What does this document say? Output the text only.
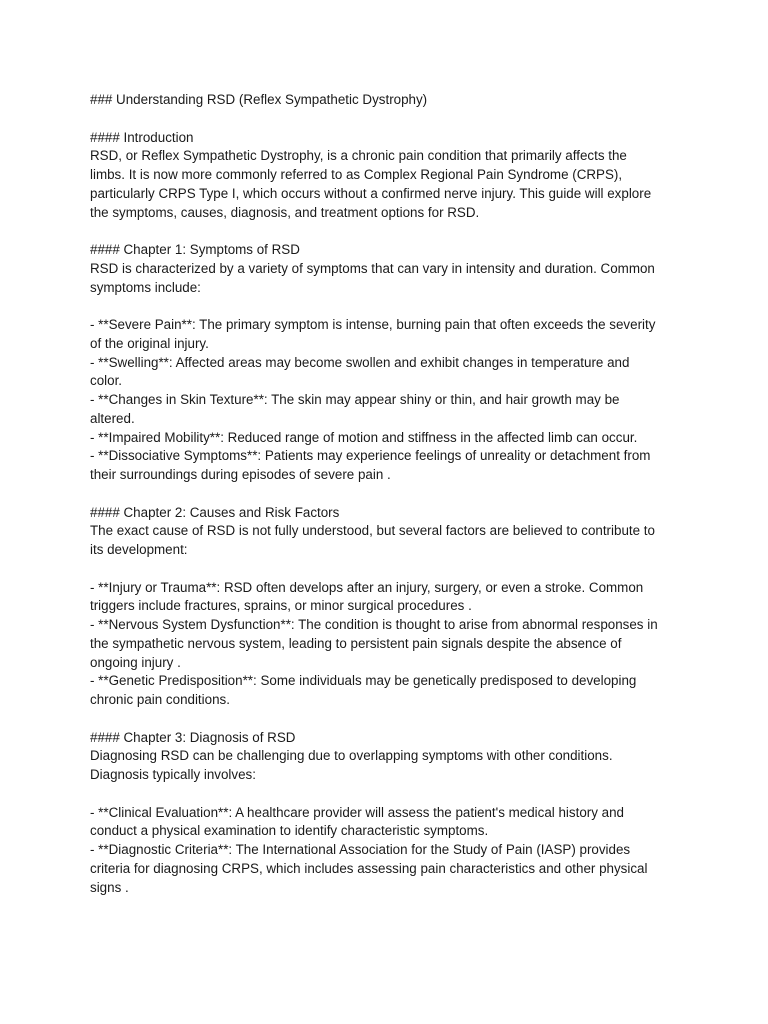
### Understanding RSD (Reflex Sympathetic Dystrophy)
#### Introduction
RSD, or Reflex Sympathetic Dystrophy, is a chronic pain condition that primarily affects the
limbs. It is now more commonly referred to as Complex Regional Pain Syndrome (CRPS),
particularly CRPS Type I, which occurs without a confirmed nerve injury. This guide will explore
the symptoms, causes, diagnosis, and treatment options for RSD.
#### Chapter 1: Symptoms of RSD
RSD is characterized by a variety of symptoms that can vary in intensity and duration. Common
symptoms include:
- **Severe Pain**: The primary symptom is intense, burning pain that often exceeds the severity
of the original injury.
- **Swelling**: Affected areas may become swollen and exhibit changes in temperature and
color.
- **Changes in Skin Texture**: The skin may appear shiny or thin, and hair growth may be
altered.
- **Impaired Mobility**: Reduced range of motion and stiffness in the affected limb can occur.
- **Dissociative Symptoms**: Patients may experience feelings of unreality or detachment from
their surroundings during episodes of severe pain .
#### Chapter 2: Causes and Risk Factors
The exact cause of RSD is not fully understood, but several factors are believed to contribute to
its development:
- **Injury or Trauma**: RSD often develops after an injury, surgery, or even a stroke. Common
triggers include fractures, sprains, or minor surgical procedures .
- **Nervous System Dysfunction**: The condition is thought to arise from abnormal responses in
the sympathetic nervous system, leading to persistent pain signals despite the absence of
ongoing injury .
- **Genetic Predisposition**: Some individuals may be genetically predisposed to developing
chronic pain conditions.
#### Chapter 3: Diagnosis of RSD
Diagnosing RSD can be challenging due to overlapping symptoms with other conditions.
Diagnosis typically involves:
- **Clinical Evaluation**: A healthcare provider will assess the patient's medical history and
conduct a physical examination to identify characteristic symptoms.
- **Diagnostic Criteria**: The International Association for the Study of Pain (IASP) provides
criteria for diagnosing CRPS, which includes assessing pain characteristics and other physical
signs .
